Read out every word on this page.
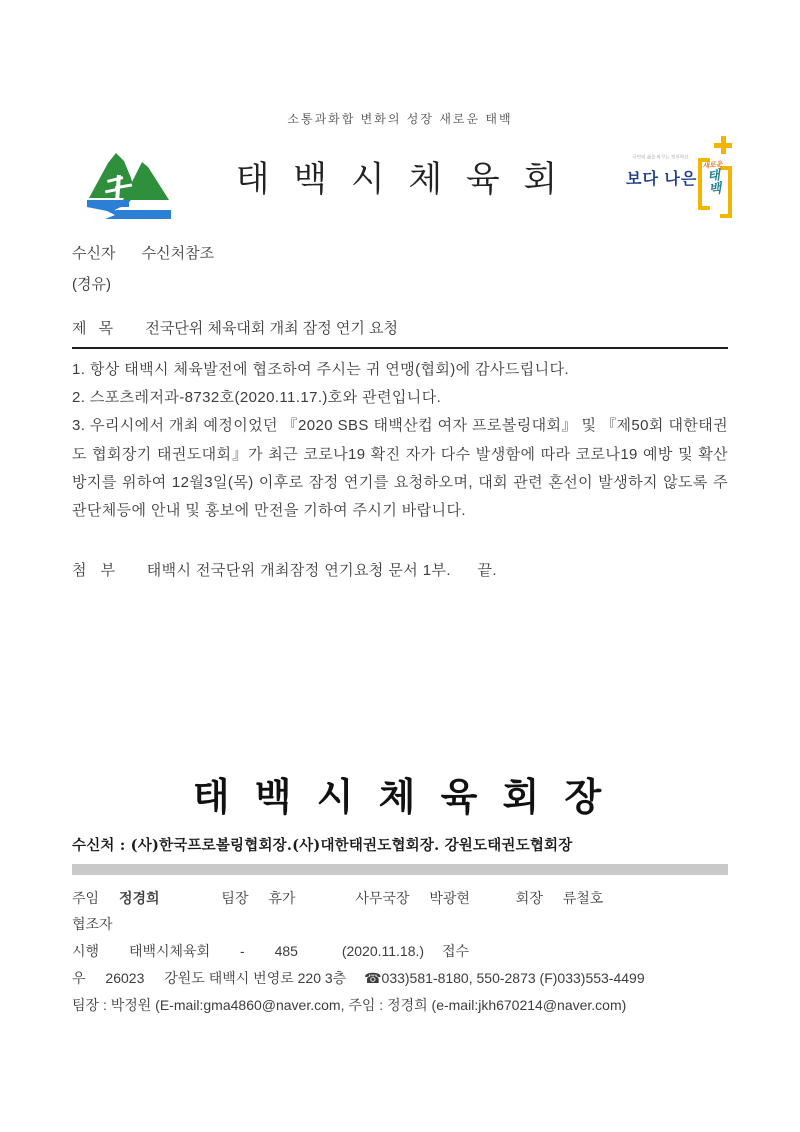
소통과화합 변화의 성장 새로운 태백
태 백 시 체 육 회
국민의 삶을 바꾸는 정부혁신
보다 나은
새로운
태백
수신자 수신처참조
(경유)
제 목 전국단위 체육대회 개최 잠정 연기 요청

1. 항상 태백시 체육발전에 협조하여 주시는 귀 연맹(협회)에 감사드립니다.

2. 스포츠레저과-8732호(2020.11.17.)호와 관련입니다.

3. 우리시에서 개최 예정이었던 『2020 SBS 태백산컵 여자 프로볼링대회』 및 『제50회 대한태권도 협회장기 태권도대회』가 최근 코로나19 확진 자가 다수 발생함에 따라 코로나19 예방 및 확산 방지를 위하여 12월3일(목) 이후로 잠정 연기를 요청하오며, 대회 관련 혼선이 발생하지 않도록 주관단체등에 안내 및 홍보에 만전을 기하여 주시기 바랍니다.

첨 부 태백시 전국단위 개최잠정 연기요청 문서 1부. 끝.
태 백 시 체 육 회 장
수신처 : (사)한국프로볼링협회장.(사)대한태권도협회장. 강원도태권도협회장
주임 정경희	팀장 휴가	사무국장 박광현	회장 류철호
협조자
시행 태백시체육회 - 485	(2020.11.18.) 접수
우 26023 강원도 태백시 번영로 220 3층 ☎033)581-8180, 550-2873 (F)033)553-4499
팀장 : 박정원 (E-mail:gma4860@naver.com, 주임 : 정경희 (e-mail:jkh670214@naver.com)
